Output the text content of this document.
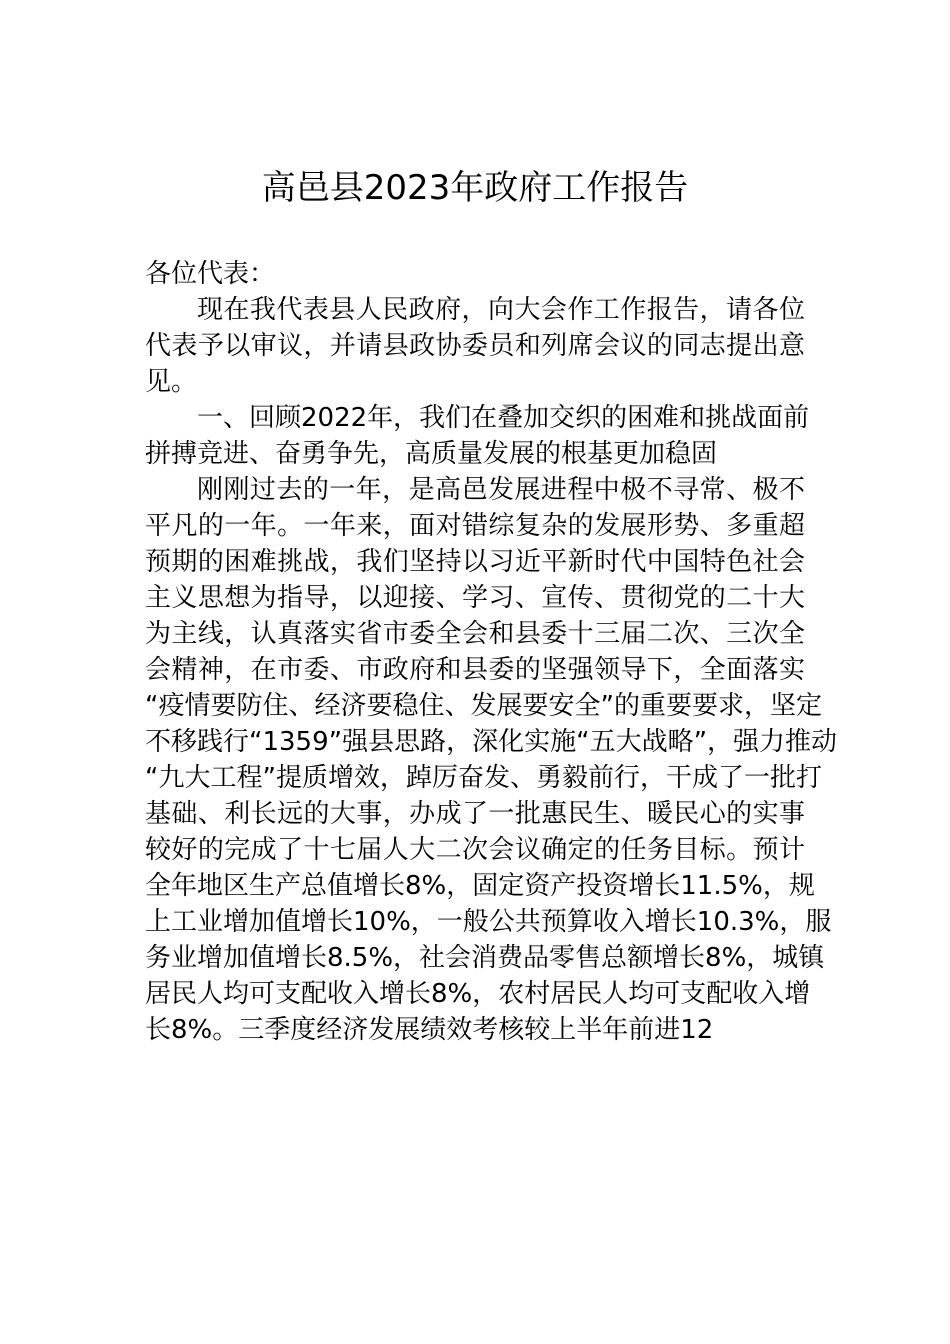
高邑县2023年政府工作报告
各位代表：
现在我代表县人民政府，向大会作工作报告，请各位
代表予以审议，并请县政协委员和列席会议的同志提出意
见。
一、回顾2022年，我们在叠加交织的困难和挑战面前
拼搏竞进、奋勇争先，高质量发展的根基更加稳固
刚刚过去的一年，是高邑发展进程中极不寻常、极不
平凡的一年。一年来，面对错综复杂的发展形势、多重超
预期的困难挑战，我们坚持以习近平新时代中国特色社会
主义思想为指导，以迎接、学习、宣传、贯彻党的二十大
为主线，认真落实省市委全会和县委十三届二次、三次全
会精神，在市委、市政府和县委的坚强领导下，全面落实
“疫情要防住、经济要稳住、发展要安全”的重要要求，坚定
不移践行“1359”强县思路，深化实施“五大战略”，强力推动
“九大工程”提质增效，踔厉奋发、勇毅前行，干成了一批打
基础、利长远的大事，办成了一批惠民生、暖民心的实事
较好的完成了十七届人大二次会议确定的任务目标。预计
全年地区生产总值增长8%，固定资产投资增长11.5%，规
上工业增加值增长10%，一般公共预算收入增长10.3%，服
务业增加值增长8.5%，社会消费品零售总额增长8%，城镇
居民人均可支配收入增长8%，农村居民人均可支配收入增
长8%。三季度经济发展绩效考核较上半年前进12
